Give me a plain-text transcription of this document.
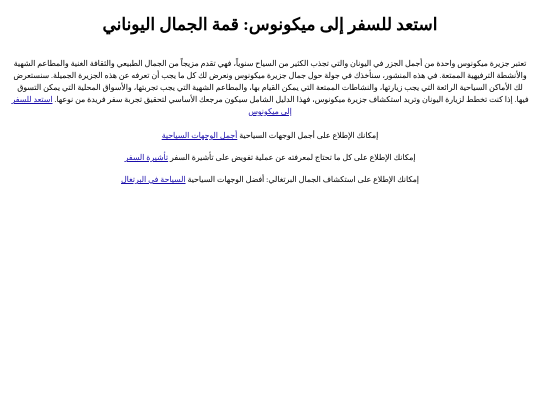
استعد للسفر إلى ميكونوس: قمة الجمال اليوناني

تعتبر جزيرة ميكونوس واحدة من أجمل الجزر في اليونان والتي تجذب الكثير من السياح سنوياً، فهي تقدم مزيجاً من الجمال الطبيعي والثقافة الغنية والمطاعم الشهية والأنشطة الترفيهية الممتعة. في هذه المنشور، سنأخذك في جولة حول جمال جزيرة ميكونوس ونعرض لك كل ما يجب أن تعرفه عن هذه الجزيرة الجميلة. سنستعرض لك الأماكن السياحية الرائعة التي يجب زيارتها، والنشاطات الممتعة التي يمكن القيام بها، والمطاعم الشهية التي يجب تجربتها، والأسواق المحلية التي يمكن التسوق فيها. إذا كنت تخطط لزيارة اليونان وتريد استكشاف جزيرة ميكونوس، فهذا الدليل الشامل سيكون مرجعك الأساسي لتحقيق تجربة سفر فريدة من نوعها. استعد للسفر إلى ميكونوس

إمكانك الإطلاع على أجمل الوجهات السياحية أجمل الوجهات السياحية

إمكانك الإطلاع على كل ما تحتاج لمعرفته عن عملية تفويض على تأشيرة السفر تأشيرة السفر

إمكانك الإطلاع على استكشاف الجمال البرتغالي: أفضل الوجهات السياحية السياحة في البرتغال
